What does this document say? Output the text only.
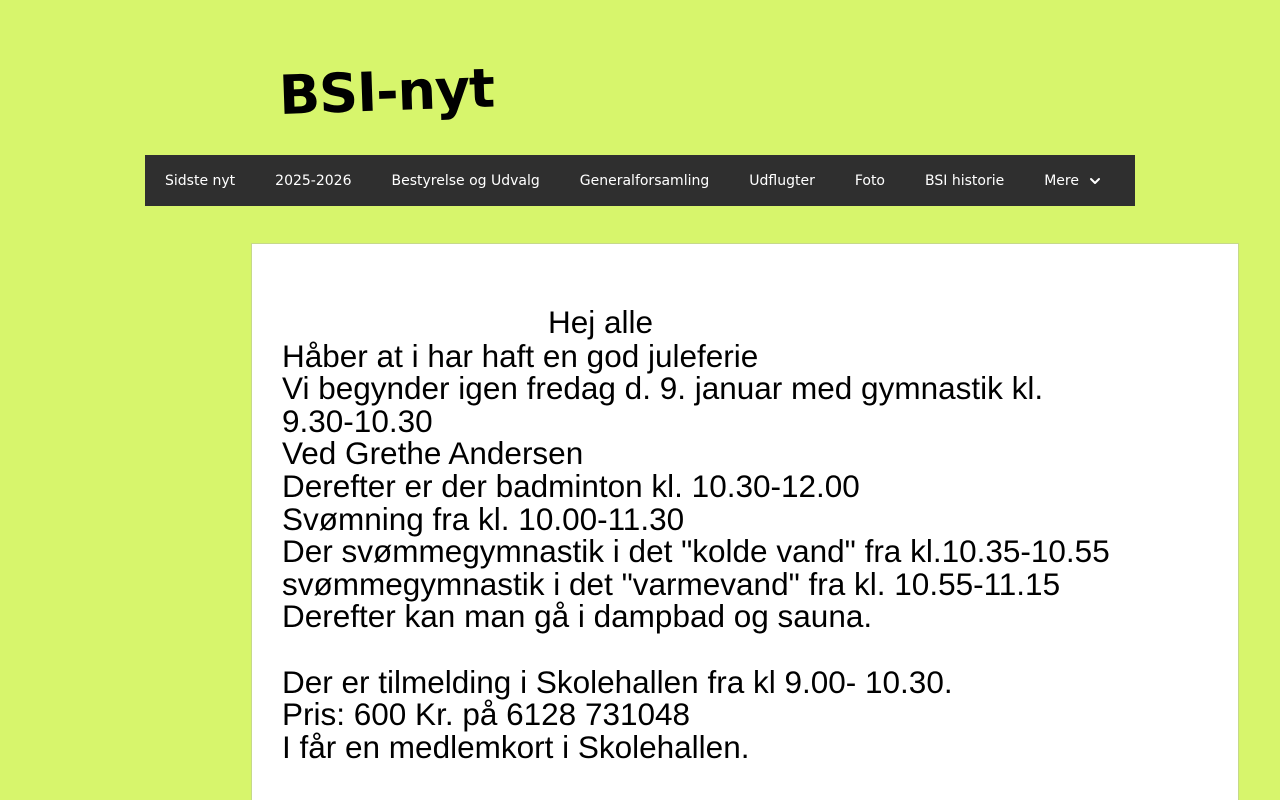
BSI-nyt
Sidste nyt	2025-2026	Bestyrelse og Udvalg	Generalforsamling	Udflugter	Foto	BSI historie	Mere
Hej alle
Håber at i har haft en god juleferie
Vi begynder igen fredag d. 9. januar med gymnastik kl. 9.30-10.30
Ved Grethe Andersen
Derefter er der badminton kl. 10.30-12.00
Svømning fra kl. 10.00-11.30
Der svømmegymnastik i det "kolde vand" fra kl.10.35-10.55
svømmegymnastik i det "varmevand" fra kl. 10.55-11.15
Derefter kan man gå i dampbad og sauna.
Der er tilmelding i Skolehallen fra kl 9.00- 10.30.
Pris: 600 Kr. på 6128 731048
I får en medlemkort i Skolehallen.
